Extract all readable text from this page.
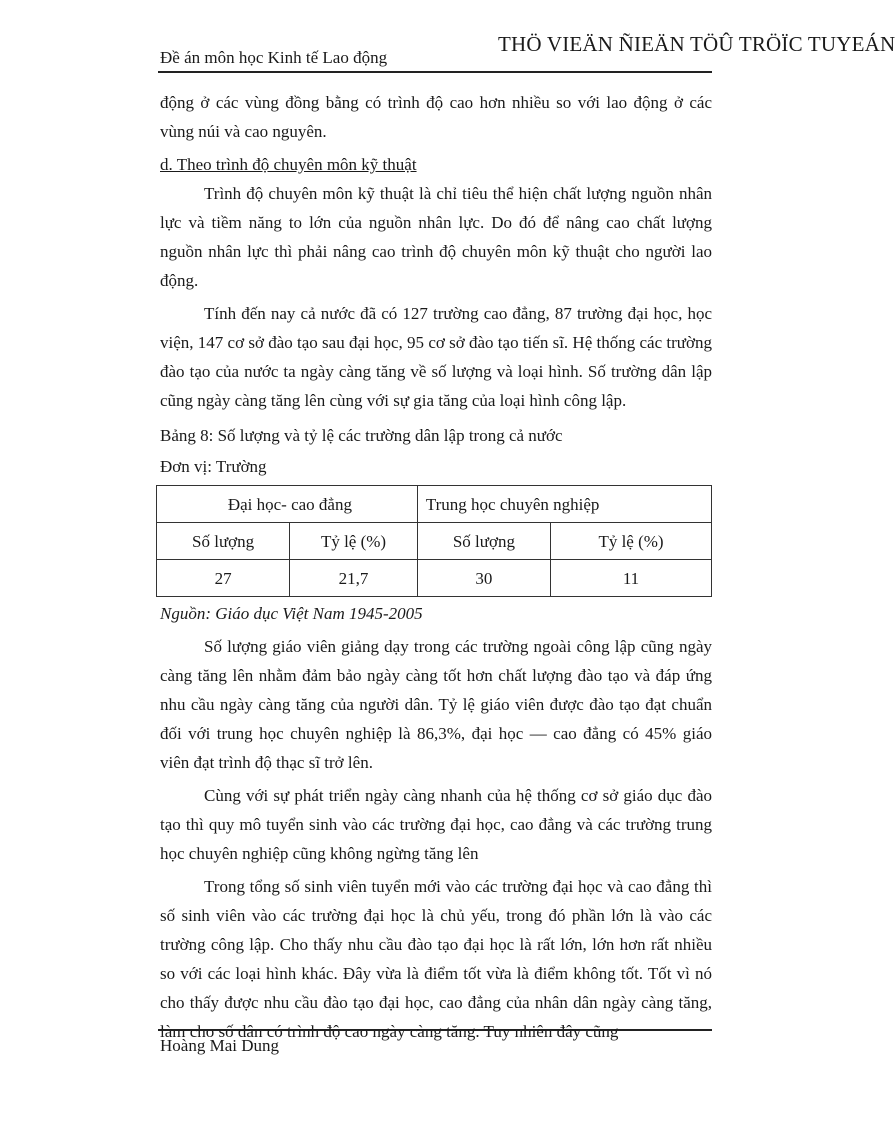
THÖ VIEÄN ÑIEÄN TÖÛ TRÖÏC TUYEÁN
Đề án môn học Kinh tế Lao động

động ở các vùng đồng bằng có trình độ cao hơn nhiều so với lao động ở các vùng núi và cao nguyên.

d. Theo trình độ chuyên môn kỹ thuật

Trình độ chuyên môn kỹ thuật là chỉ tiêu thể hiện chất lượng nguồn nhân lực và tiềm năng to lớn của nguồn nhân lực. Do đó để nâng cao chất lượng nguồn nhân lực thì phải nâng cao trình độ chuyên môn kỹ thuật cho người lao động.

Tính đến nay cả nước đã có 127 trường cao đẳng, 87 trường đại học, học viện, 147 cơ sở đào tạo sau đại học, 95 cơ sở đào tạo tiến sĩ. Hệ thống các trường đào tạo của nước ta ngày càng tăng về số lượng và loại hình. Số trường dân lập cũng ngày càng tăng lên cùng với sự gia tăng của loại hình công lập.

Bảng 8: Số lượng và tỷ lệ các trường dân lập trong cả nước

Đơn vị: Trường

Đại học- cao đẳng		Trung học chuyên nghiệp	
Số lượng	Tỷ lệ (%)	Số lượng	Tỷ lệ (%)
27	21,7	30	11

Nguồn: Giáo dục Việt Nam 1945-2005

Số lượng giáo viên giảng dạy trong các trường ngoài công lập cũng ngày càng tăng lên nhằm đảm bảo ngày càng tốt hơn chất lượng đào tạo và đáp ứng nhu cầu ngày càng tăng của người dân. Tỷ lệ giáo viên được đào tạo đạt chuẩn đối với trung học chuyên nghiệp là 86,3%, đại học — cao đẳng có 45% giáo viên đạt trình độ thạc sĩ trở lên.

Cùng với sự phát triển ngày càng nhanh của hệ thống cơ sở giáo dục đào tạo thì quy mô tuyển sinh vào các trường đại học, cao đẳng và các trường trung học chuyên nghiệp cũng không ngừng tăng lên

Trong tổng số sinh viên tuyển mới vào các trường đại học và cao đẳng thì số sinh viên vào các trường đại học là chủ yếu, trong đó phần lớn là vào các trường công lập. Cho thấy nhu cầu đào tạo đại học là rất lớn, lớn hơn rất nhiều so với các loại hình khác. Đây vừa là điểm tốt vừa là điểm không tốt. Tốt vì nó cho thấy được nhu cầu đào tạo đại học, cao đẳng của nhân dân ngày càng tăng, làm cho số dân có trình độ cao ngày càng tăng. Tuy nhiên đây cũng

Hoàng Mai Dung
